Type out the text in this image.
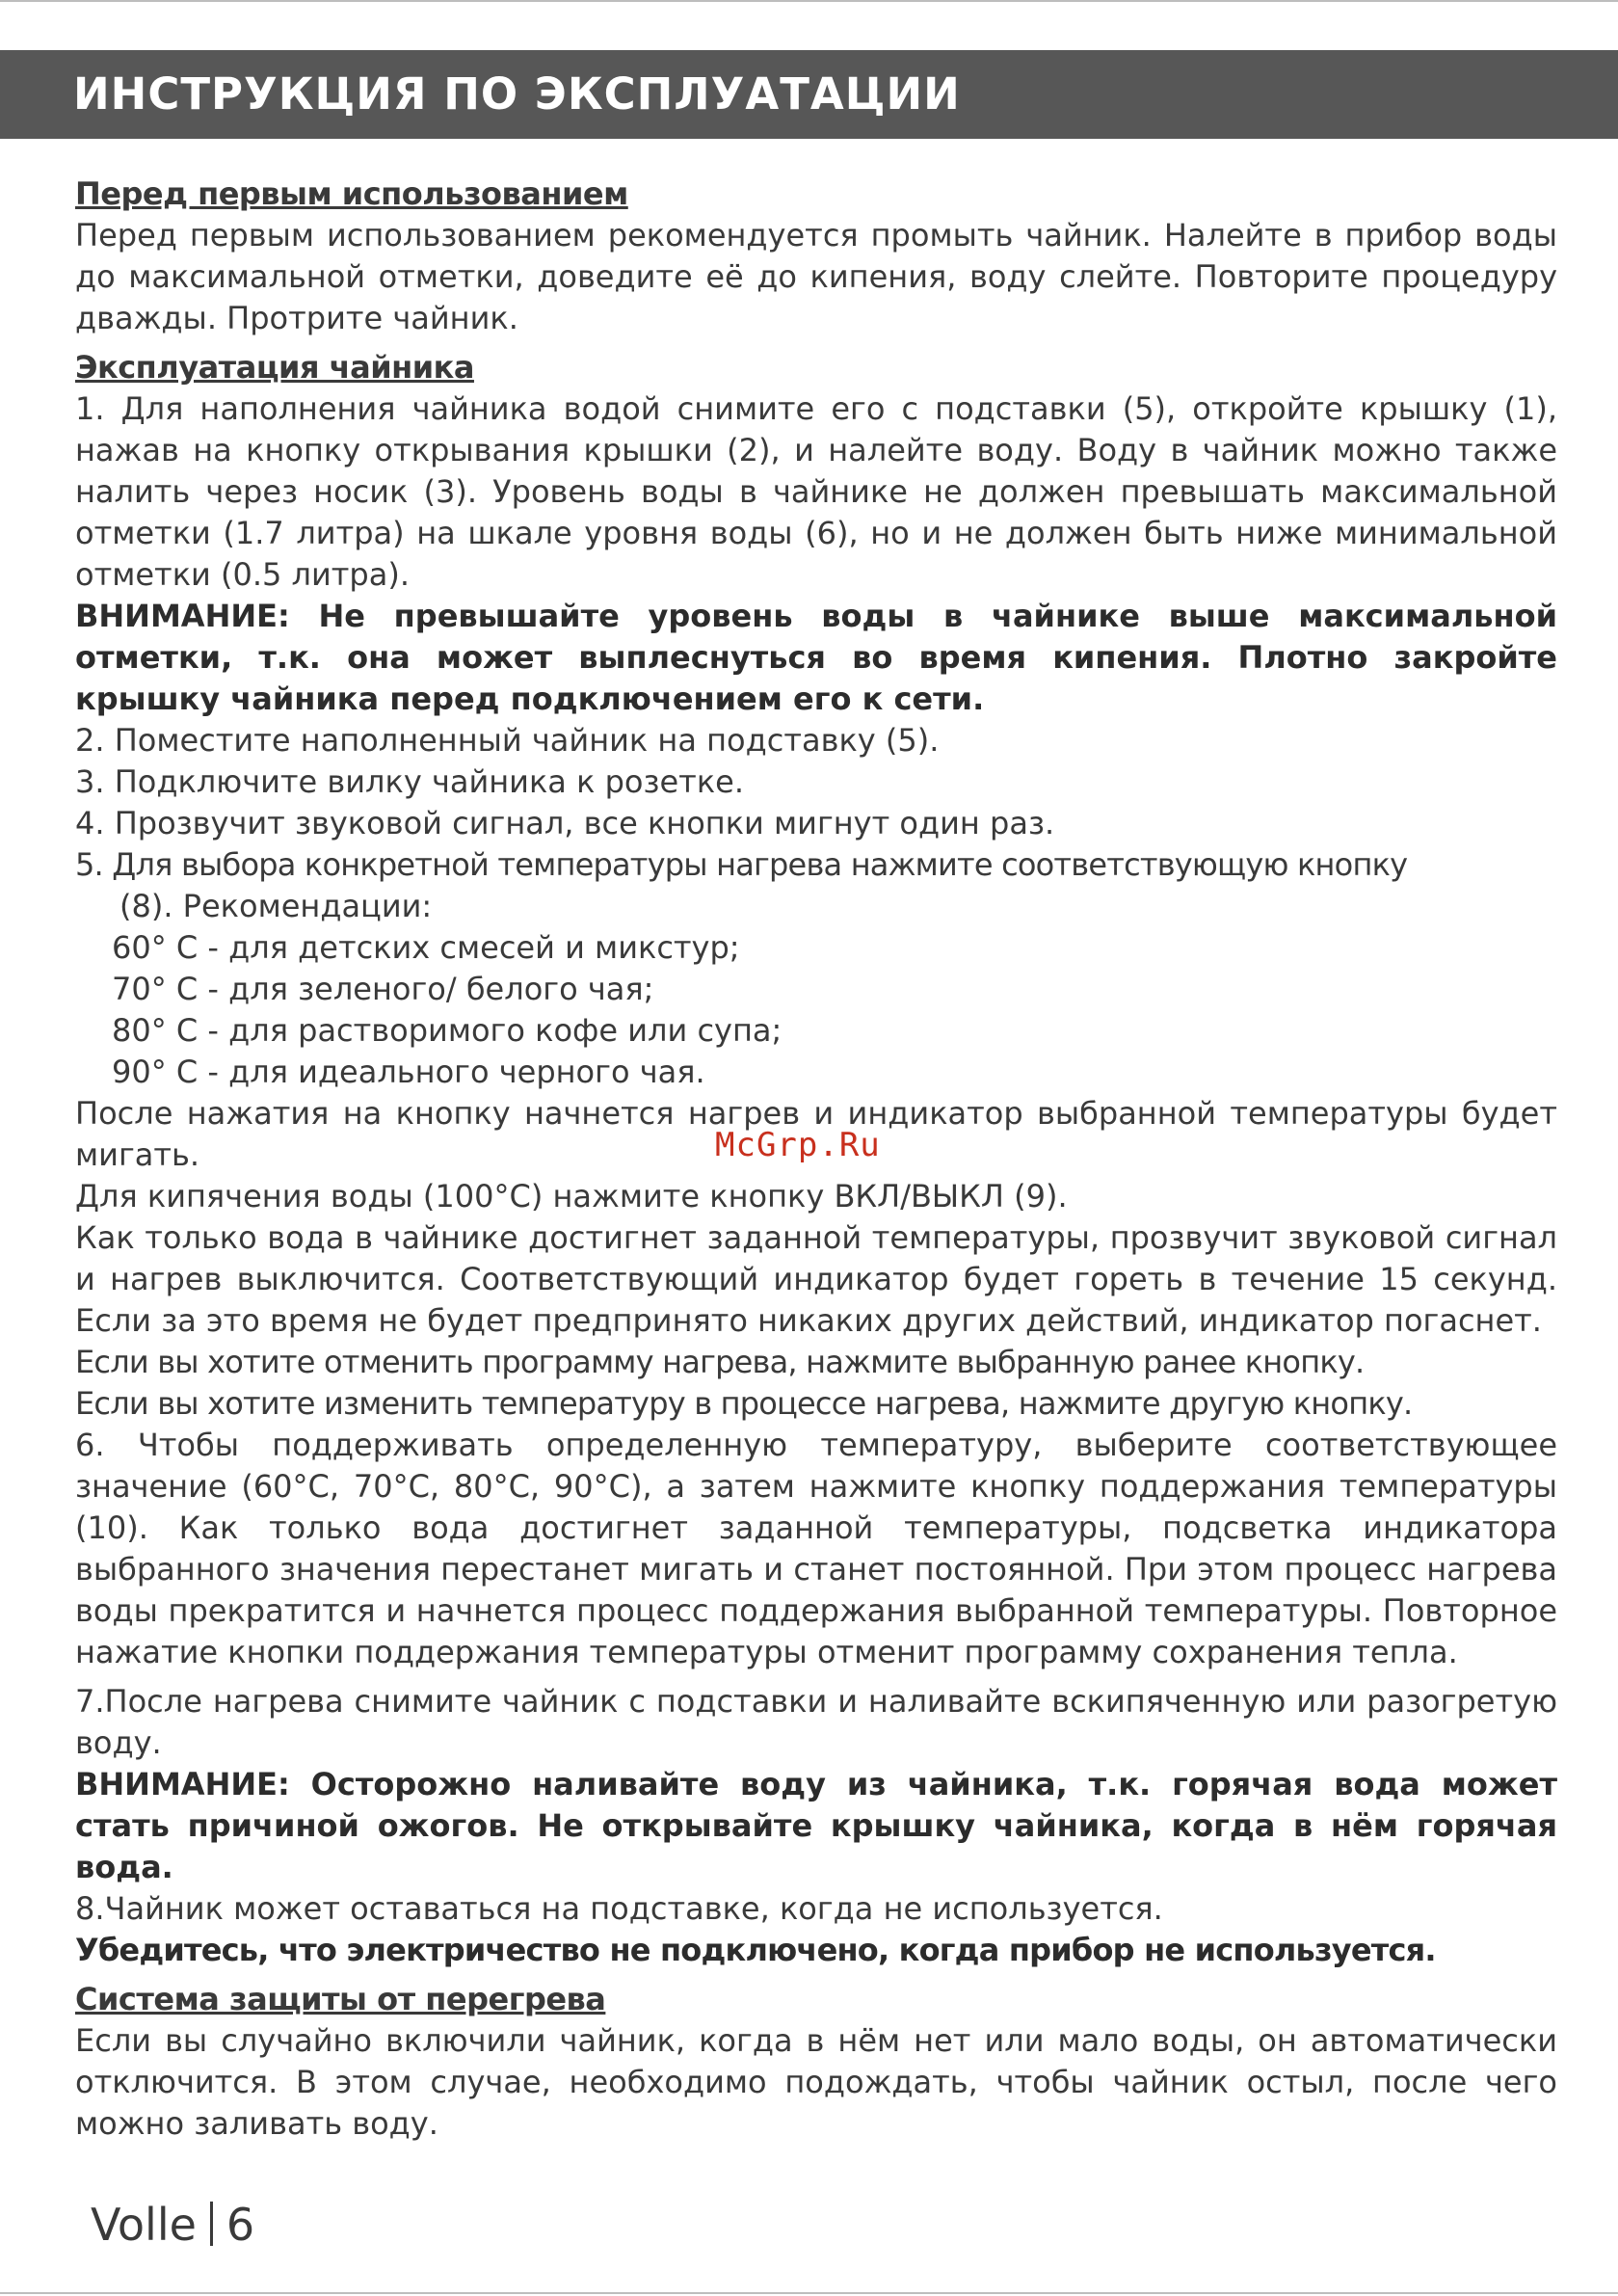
ИНСТРУКЦИЯ ПО ЭКСПЛУАТАЦИИ

Перед первым использованием

Перед первым использованием рекомендуется промыть чайник. Налейте в прибор воды до максимальной отметки, доведите её до кипения, воду слейте. Повторите процедуру дважды. Протрите чайник.

Эксплуатация чайника

1. Для наполнения чайника водой снимите его с подставки (5), откройте крышку (1), нажав на кнопку открывания крышки (2), и налейте воду. Воду в чайник можно также налить через носик (3). Уровень воды в чайнике не должен превышать максимальной отметки (1.7 литра) на шкале уровня воды (6), но и не должен быть ниже минимальной отметки (0.5 литра).

ВНИМАНИЕ: Не превышайте уровень воды в чайнике выше максимальной отметки, т.к. она может выплеснуться во время кипения. Плотно закройте крышку чайника перед подключением его к сети.

2. Поместите наполненный чайник на подставку (5).

3. Подключите вилку чайника к розетке.

4. Прозвучит звуковой сигнал, все кнопки мигнут один раз.

5. Для выбора конкретной температуры нагрева нажмите соответствующую кнопку

(8). Рекомендации:

60° C - для детских смесей и микстур;

70° C - для зеленого/ белого чая;

80° C - для растворимого кофе или супа;

90° C - для идеального черного чая.

После нажатия на кнопку начнется нагрев и индикатор выбранной температуры будет мигать.

Для кипячения воды (100°C) нажмите кнопку ВКЛ/ВЫКЛ (9).

Как только вода в чайнике достигнет заданной температуры, прозвучит звуковой сигнал и нагрев выключится. Соответствующий индикатор будет гореть в течение 15 секунд. Если за это время не будет предпринято никаких других действий, индикатор погаснет.

Если вы хотите отменить программу нагрева, нажмите выбранную ранее кнопку.

Если вы хотите изменить температуру в процессе нагрева, нажмите другую кнопку.

6. Чтобы поддерживать определенную температуру, выберите соответствующее значение (60°C, 70°C, 80°C, 90°C), а затем нажмите кнопку поддержания температуры (10). Как только вода достигнет заданной температуры, подсветка индикатора выбранного значения перестанет мигать и станет постоянной. При этом процесс нагрева воды прекратится и начнется процесс поддержания выбранной температуры. Повторное нажатие кнопки поддержания температуры отменит программу сохранения тепла.

7.После нагрева снимите чайник с подставки и наливайте вскипяченную или разогретую воду.

ВНИМАНИЕ: Осторожно наливайте воду из чайника, т.к. горячая вода может стать причиной ожогов. Не открывайте крышку чайника, когда в нём горячая вода.

8.Чайник может оставаться на подставке, когда не используется.

Убедитесь, что электричество не подключено, когда прибор не используется.

Система защиты от перегрева

Если вы случайно включили чайник, когда в нём нет или мало воды, он автоматически отключится. В этом случае, необходимо подождать, чтобы чайник остыл, после чего можно заливать воду.

McGrp.Ru
Vollе 6
